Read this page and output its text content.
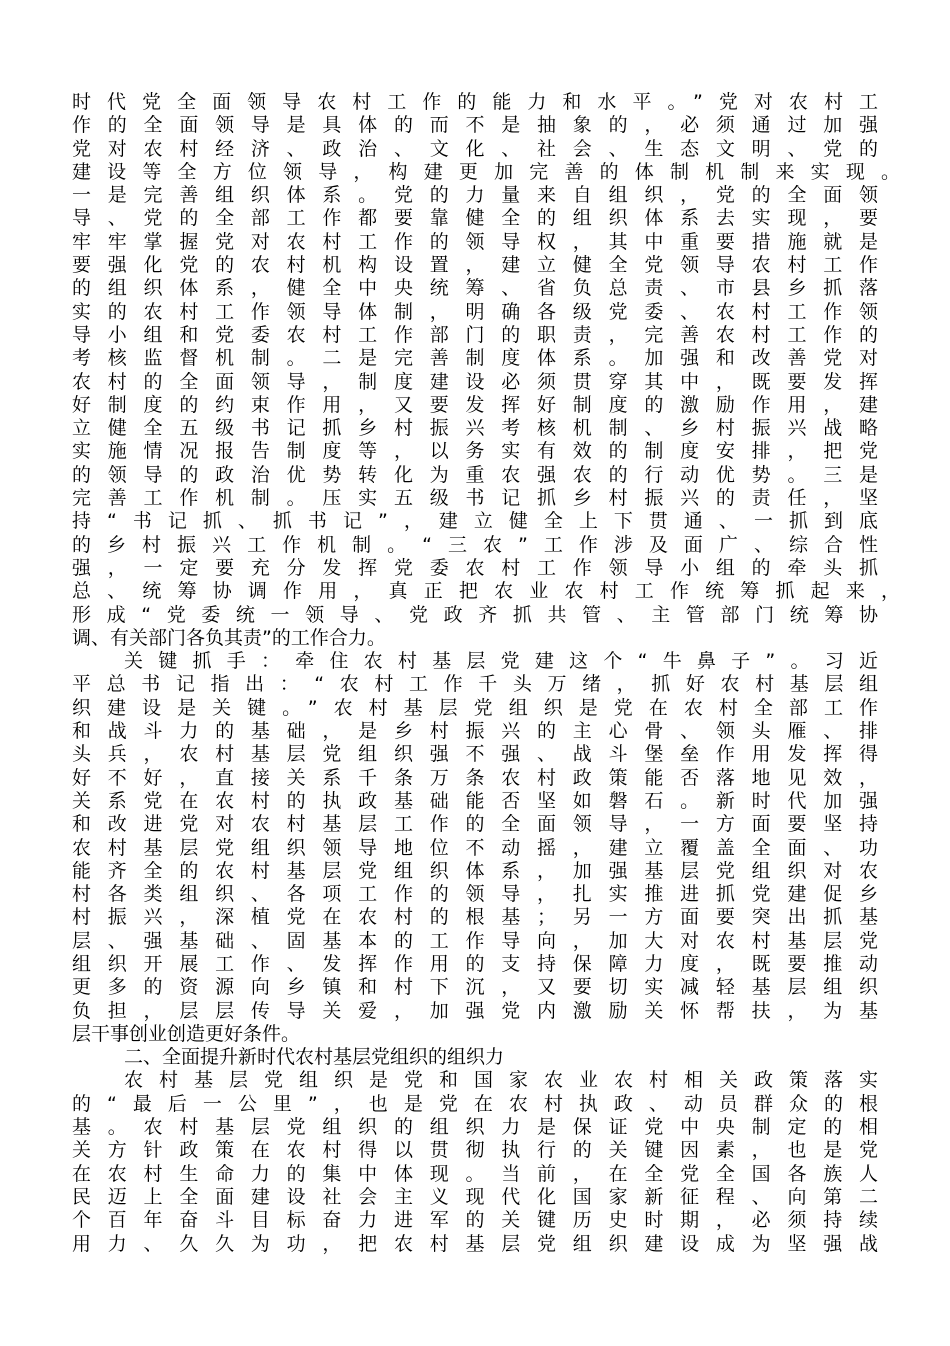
时代党全面领导农村工作的能力和水平。”党对农村工
作的全面领导是具体的而不是抽象的，必须通过加强
党对农村经济、政治、文化、社会、生态文明、党的
建设等全方位领导，构建更加完善的体制机制来实现。
一是完善组织体系。党的力量来自组织，党的全面领
导、党的全部工作都要靠健全的组织体系去实现，要
牢牢掌握党对农村工作的领导权，其中重要措施就是
要强化党的农村机构设置，建立健全党领导农村工作
的组织体系，健全中央统筹、省负总责、市县乡抓落
实的农村工作领导体制，明确各级党委、农村工作领
导小组和党委农村工作部门的职责，完善农村工作的
考核监督机制。二是完善制度体系。加强和改善党对
农村的全面领导，制度建设必须贯穿其中，既要发挥
好制度的约束作用，又要发挥好制度的激励作用，建
立健全五级书记抓乡村振兴考核机制、乡村振兴战略
实施情况报告制度等，以务实有效的制度安排，把党
的领导的政治优势转化为重农强农的行动优势。三是
完善工作机制。压实五级书记抓乡村振兴的责任，坚
持“书记抓、抓书记”，建立健全上下贯通、一抓到底
的乡村振兴工作机制。“三农”工作涉及面广、综合性
强，一定要充分发挥党委农村工作领导小组的牵头抓
总、统筹协调作用，真正把农业农村工作统筹抓起来，
形成“党委统一领导、党政齐抓共管、主管部门统筹协
调、有关部门各负其责”的工作合力。
关键抓手：牵住农村基层党建这个“牛鼻子”。习近
平总书记指出：“农村工作千头万绪，抓好农村基层组
织建设是关键。”农村基层党组织是党在农村全部工作
和战斗力的基础，是乡村振兴的主心骨、领头雁、排
头兵，农村基层党组织强不强、战斗堡垒作用发挥得
好不好，直接关系千条万条农村政策能否落地见效，
关系党在农村的执政基础能否坚如磐石。新时代加强
和改进党对农村基层工作的全面领导，一方面要坚持
农村基层党组织领导地位不动摇，建立覆盖全面、功
能齐全的农村基层党组织体系，加强基层党组织对农
村各类组织、各项工作的领导，扎实推进抓党建促乡
村振兴，深植党在农村的根基；另一方面要突出抓基
层、强基础、固基本的工作导向，加大对农村基层党
组织开展工作、发挥作用的支持保障力度，既要推动
更多的资源向乡镇和村下沉，又要切实减轻基层组织
负担，层层传导关爱，加强党内激励关怀帮扶，为基
层干事创业创造更好条件。
二、全面提升新时代农村基层党组织的组织力
农村基层党组织是党和国家农业农村相关政策落实
的“最后一公里”，也是党在农村执政、动员群众的根
基。农村基层党组织的组织力是保证党中央制定的相
关方针政策在农村得以贯彻执行的关键因素，也是党
在农村生命力的集中体现。当前，在全党全国各族人
民迈上全面建设社会主义现代化国家新征程、向第二
个百年奋斗目标奋力进军的关键历史时期，必须持续
用力、久久为功，把农村基层党组织建设成为坚强战
